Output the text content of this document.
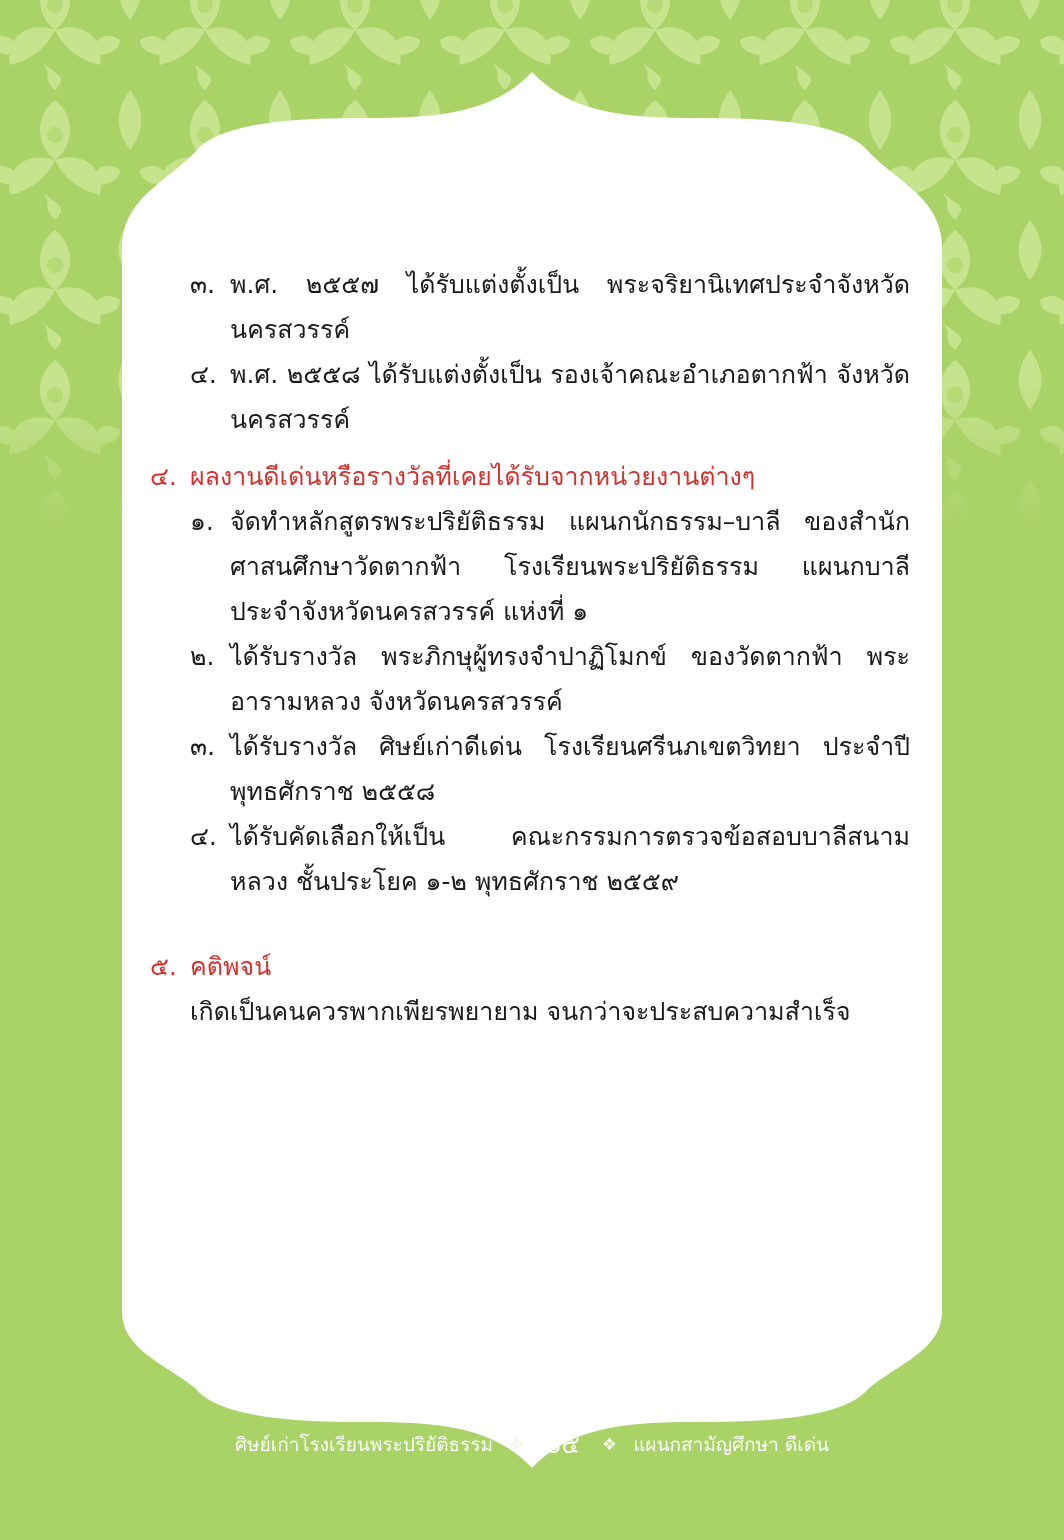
๓. พ.ศ. ๒๕๕๗ ได้รับแต่งตั้งเป็น พระจริยานิเทศประจำจังหวัดนครสวรรค์
๔. พ.ศ. ๒๕๕๘ ได้รับแต่งตั้งเป็น รองเจ้าคณะอำเภอตากฟ้า จังหวัดนครสวรรค์
๔. ผลงานดีเด่นหรือรางวัลที่เคยได้รับจากหน่วยงานต่างๆ
๑. จัดทำหลักสูตรพระปริยัติธรรม แผนกนักธรรม–บาลี ของสำนักศาสนศึกษาวัดตากฟ้า โรงเรียนพระปริยัติธรรม แผนกบาลี ประจำจังหวัดนครสวรรค์ แห่งที่ ๑
๒. ได้รับรางวัล พระภิกษุผู้ทรงจำปาฏิโมกข์ ของวัดตากฟ้า พระอารามหลวง จังหวัดนครสวรรค์
๓. ได้รับรางวัล ศิษย์เก่าดีเด่น โรงเรียนศรีนภเขตวิทยา ประจำปีพุทธศักราช ๒๕๕๘
๔. ได้รับคัดเลือกให้เป็น คณะกรรมการตรวจข้อสอบบาลีสนามหลวง ชั้นประโยค ๑-๒ พุทธศักราช ๒๕๕๙
๕. คติพจน์
เกิดเป็นคนควรพากเพียรพยายาม จนกว่าจะประสบความสำเร็จ
ศิษย์เก่าโรงเรียนพระปริยัติธรรม ❖ ๑๕ ❖ แผนกสามัญศึกษา ดีเด่น
